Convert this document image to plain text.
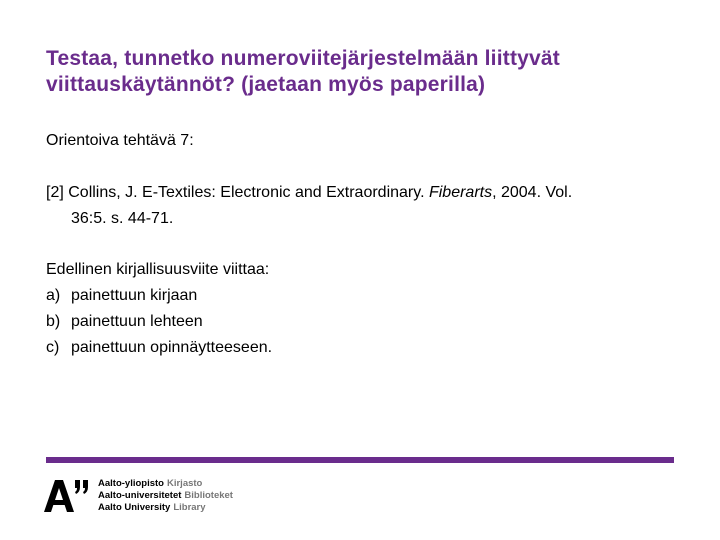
Testaa, tunnetko numeroviitejärjestelmään liittyvät
viittauskäytännöt? (jaetaan myös paperilla)
Orientoiva tehtävä 7:
[2] Collins, J. E-Textiles: Electronic and Extraordinary. Fiberarts, 2004. Vol.
36:5. s. 44-71.
Edellinen kirjallisuusviite viittaa:
a) painettuun kirjaan
b) painettuun lehteen
c) painettuun opinnäytteeseen.
Aalto-yliopisto Kirjasto
Aalto-universitetet Biblioteket
Aalto University Library
